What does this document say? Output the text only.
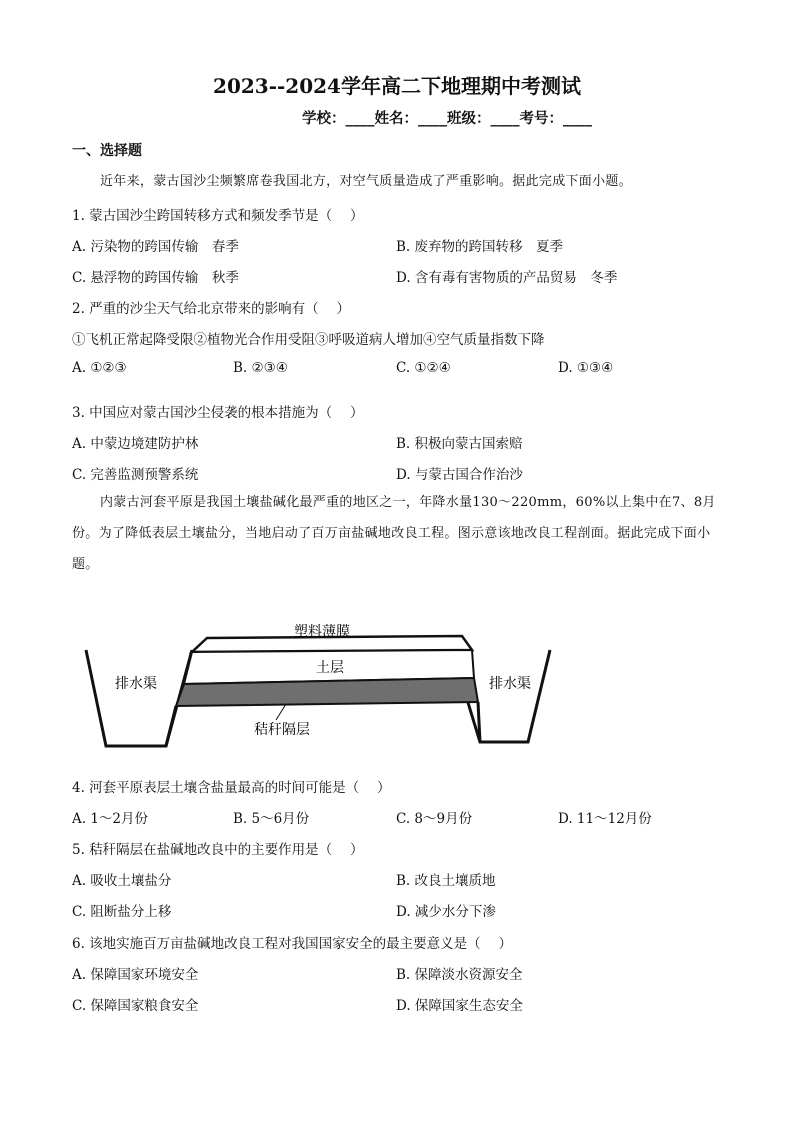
2023--2024学年高二下地理期中考测试
学校：____姓名：____班级：____考号：____
一、选择题
近年来，蒙古国沙尘频繁席卷我国北方，对空气质量造成了严重影响。据此完成下面小题。
1. 蒙古国沙尘跨国转移方式和频发季节是（　 ）
A. 污染物的跨国传输　春季	B. 废弃物的跨国转移　夏季
C. 悬浮物的跨国传输　秋季	D. 含有毒有害物质的产品贸易　冬季
2. 严重的沙尘天气给北京带来的影响有（　 ）
①飞机正常起降受限②植物光合作用受阻③呼吸道病人增加④空气质量指数下降
A. ①②③	B. ②③④	C. ①②④	D. ①③④
3. 中国应对蒙古国沙尘侵袭的根本措施为（　 ）
A. 中蒙边境建防护林	B. 积极向蒙古国索赔
C. 完善监测预警系统	D. 与蒙古国合作治沙
内蒙古河套平原是我国土壤盐碱化最严重的地区之一，年降水量130～220mm，60%以上集中在7、8月份。为了降低表层土壤盐分，当地启动了百万亩盐碱地改良工程。图示意该地改良工程剖面。据此完成下面小题。
塑料薄膜
土层
排水渠	排水渠
秸秆隔层
4. 河套平原表层土壤含盐量最高的时间可能是（　 ）
A. 1～2月份	B. 5～6月份	C. 8～9月份	D. 11～12月份
5. 秸秆隔层在盐碱地改良中的主要作用是（　 ）
A. 吸收土壤盐分	B. 改良土壤质地
C. 阻断盐分上移	D. 减少水分下渗
6. 该地实施百万亩盐碱地改良工程对我国国家安全的最主要意义是（　 ）
A. 保障国家环境安全	B. 保障淡水资源安全
C. 保障国家粮食安全	D. 保障国家生态安全
